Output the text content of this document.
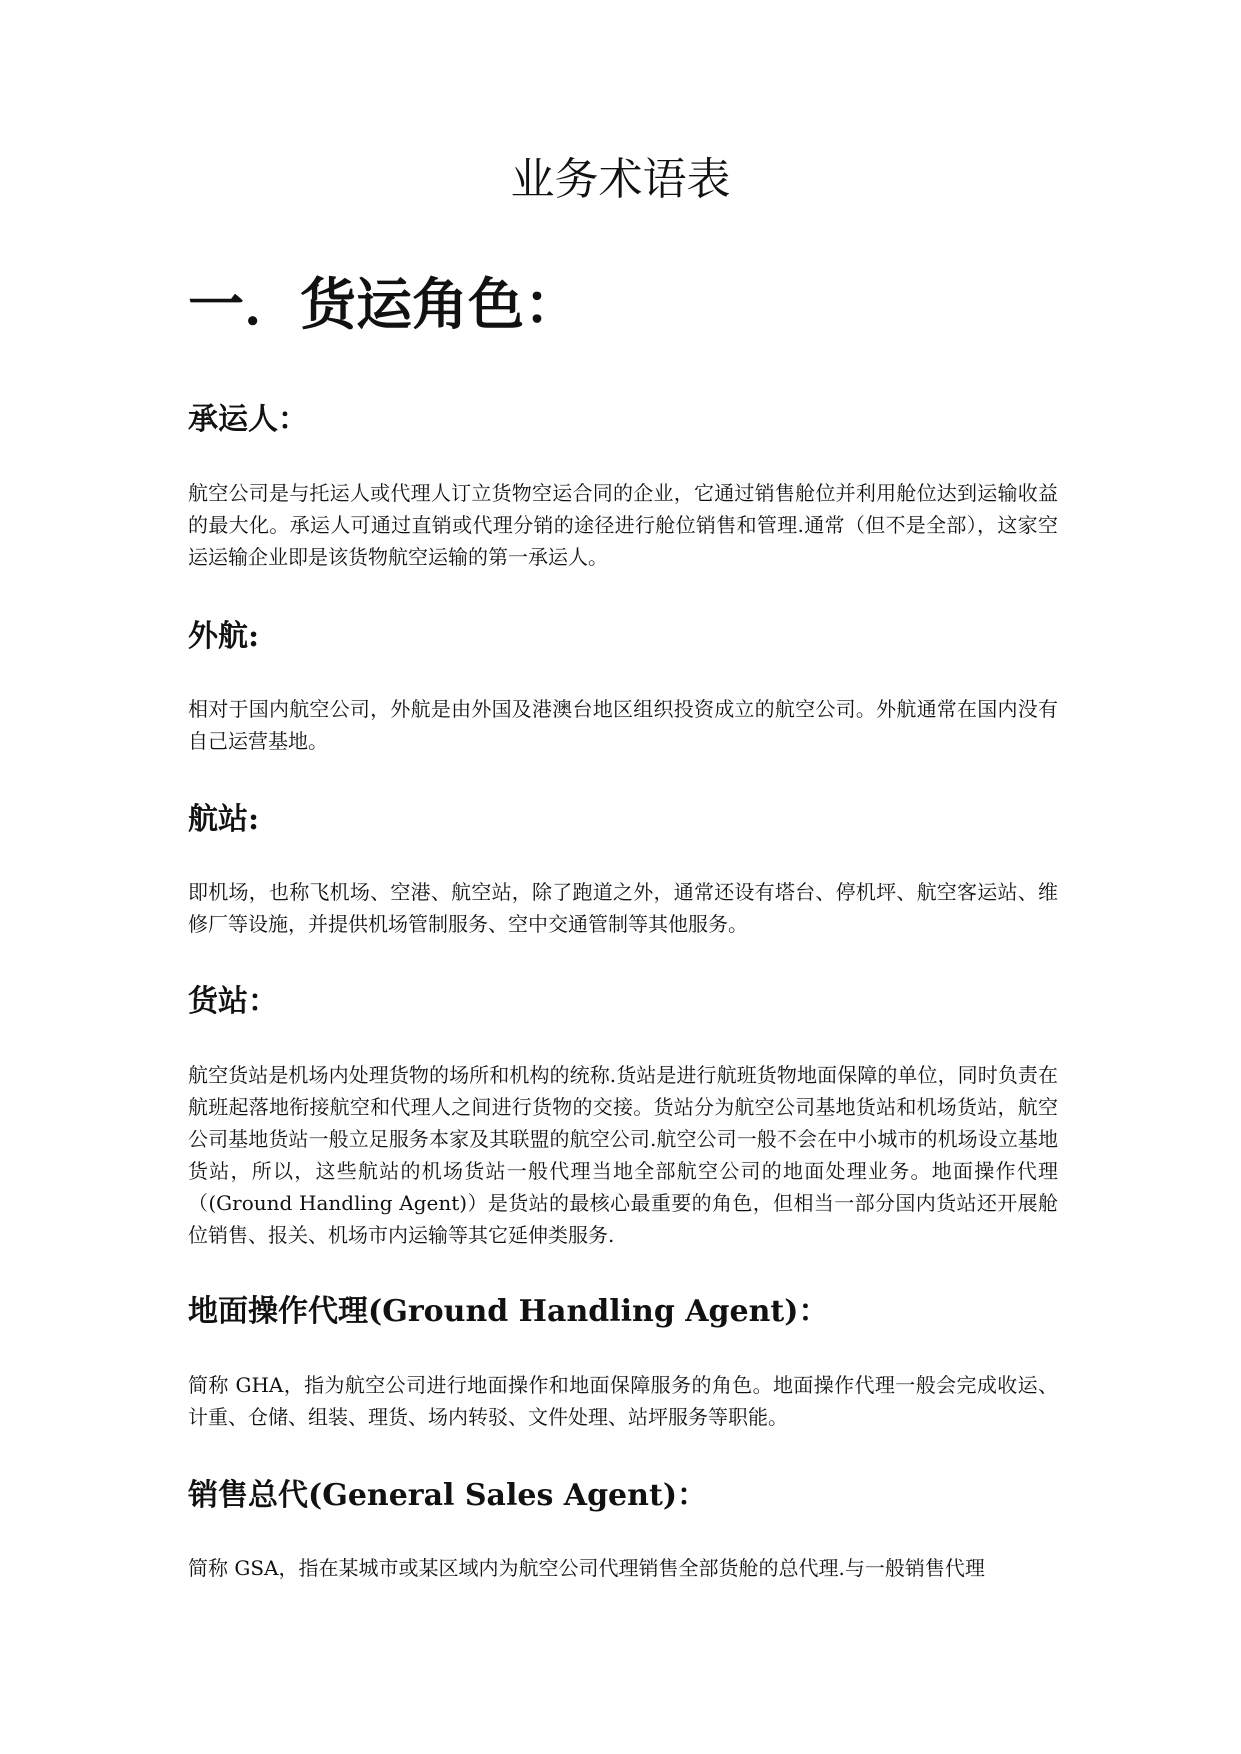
业务术语表
一．货运角色：
承运人：

航空公司是与托运人或代理人订立货物空运合同的企业，它通过销售舱位并利用舱位达到运输收益的最大化。承运人可通过直销或代理分销的途径进行舱位销售和管理.通常（但不是全部），这家空运运输企业即是该货物航空运输的第一承运人。

外航:

相对于国内航空公司，外航是由外国及港澳台地区组织投资成立的航空公司。外航通常在国内没有自己运营基地。

航站:

即机场，也称飞机场、空港、航空站，除了跑道之外，通常还设有塔台、停机坪、航空客运站、维修厂等设施，并提供机场管制服务、空中交通管制等其他服务。

货站：

航空货站是机场内处理货物的场所和机构的统称.货站是进行航班货物地面保障的单位，同时负责在航班起落地衔接航空和代理人之间进行货物的交接。货站分为航空公司基地货站和机场货站，航空公司基地货站一般立足服务本家及其联盟的航空公司.航空公司一般不会在中小城市的机场设立基地货站，所以，这些航站的机场货站一般代理当地全部航空公司的地面处理业务。地面操作代理（(Ground Handling Agent)）是货站的最核心最重要的角色，但相当一部分国内货站还开展舱位销售、报关、机场市内运输等其它延伸类服务.

地面操作代理(Ground Handling Agent)：

简称 GHA，指为航空公司进行地面操作和地面保障服务的角色。地面操作代理一般会完成收运、计重、仓储、组装、理货、场内转驳、文件处理、站坪服务等职能。

销售总代(General Sales Agent)：

简称 GSA，指在某城市或某区域内为航空公司代理销售全部货舱的总代理.与一般销售代理
